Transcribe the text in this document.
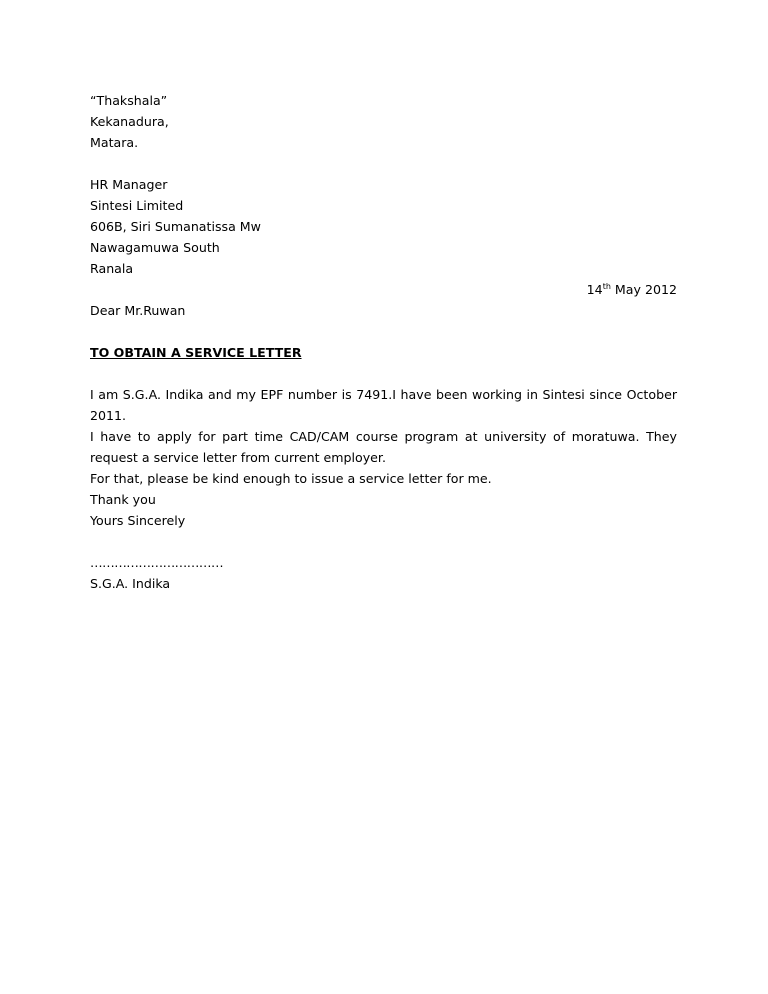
“Thakshala”
Kekanadura,
Matara.
HR Manager
Sintesi Limited
606B, Siri Sumanatissa Mw
Nawagamuwa South
Ranala
14th May 2012
Dear Mr.Ruwan
TO OBTAIN A SERVICE LETTER
I am S.G.A. Indika and my EPF number is 7491.I have been working in Sintesi since October 2011.
I have to apply for part time CAD/CAM course program at university of moratuwa. They request a service letter from current employer.
For that, please be kind enough to issue a service letter for me.
Thank you
Yours Sincerely
……………………………
S.G.A. Indika
